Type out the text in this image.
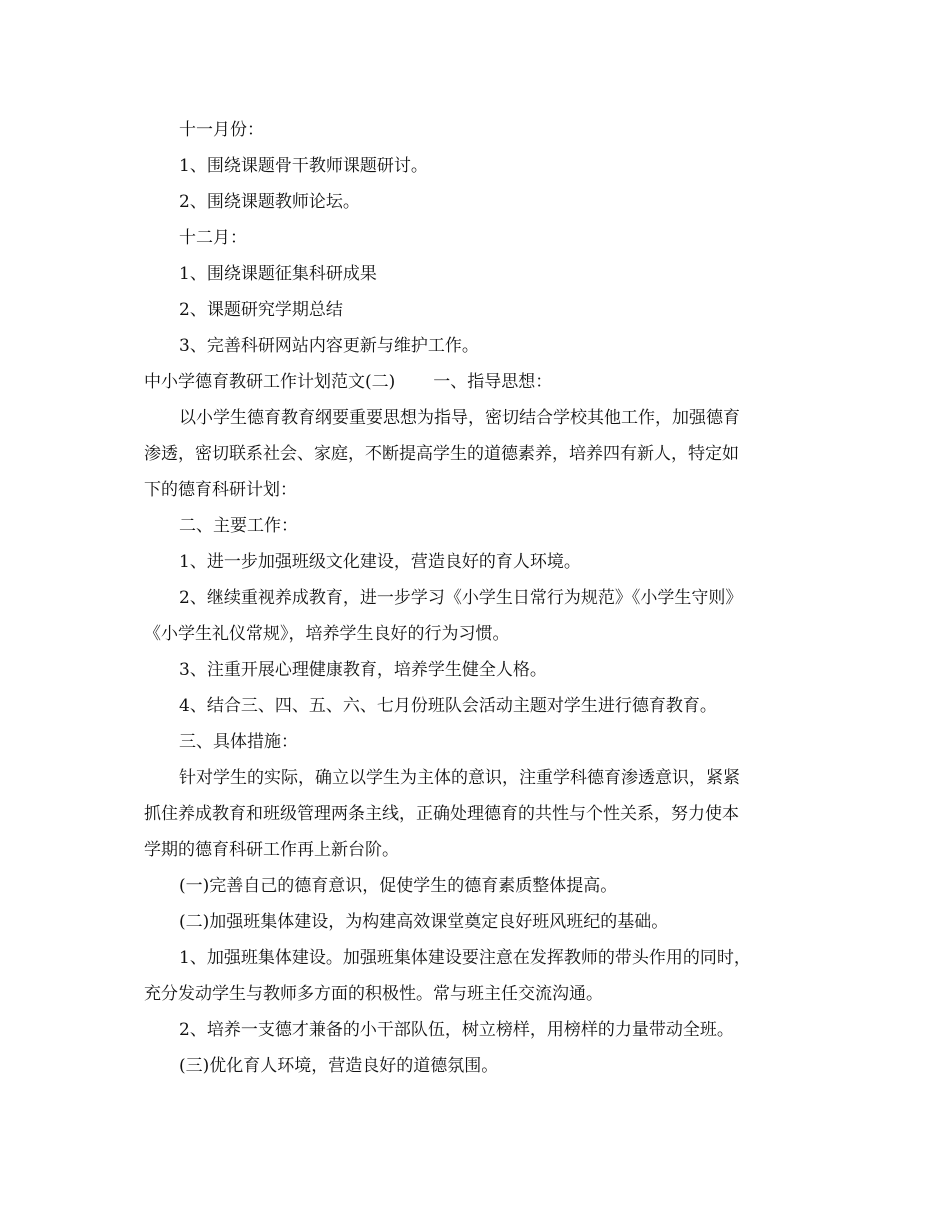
十一月份：
1、围绕课题骨干教师课题研讨。
2、围绕课题教师论坛。
十二月：
1、围绕课题征集科研成果
2、课题研究学期总结
3、完善科研网站内容更新与维护工作。
中小学德育教研工作计划范文(二) 一、指导思想：
以小学生德育教育纲要重要思想为指导，密切结合学校其他工作，加强德育
渗透，密切联系社会、家庭，不断提高学生的道德素养，培养四有新人，特定如
下的德育科研计划：
二、主要工作：
1、进一步加强班级文化建设，营造良好的育人环境。
2、继续重视养成教育，进一步学习《小学生日常行为规范》《小学生守则》
《小学生礼仪常规》，培养学生良好的行为习惯。
3、注重开展心理健康教育，培养学生健全人格。
4、结合三、四、五、六、七月份班队会活动主题对学生进行德育教育。
三、具体措施：
针对学生的实际，确立以学生为主体的意识，注重学科德育渗透意识，紧紧
抓住养成教育和班级管理两条主线，正确处理德育的共性与个性关系，努力使本
学期的德育科研工作再上新台阶。
(一)完善自己的德育意识，促使学生的德育素质整体提高。
(二)加强班集体建设，为构建高效课堂奠定良好班风班纪的基础。
1、加强班集体建设。加强班集体建设要注意在发挥教师的带头作用的同时，
充分发动学生与教师多方面的积极性。常与班主任交流沟通。
2、培养一支德才兼备的小干部队伍，树立榜样，用榜样的力量带动全班。
(三)优化育人环境，营造良好的道德氛围。
